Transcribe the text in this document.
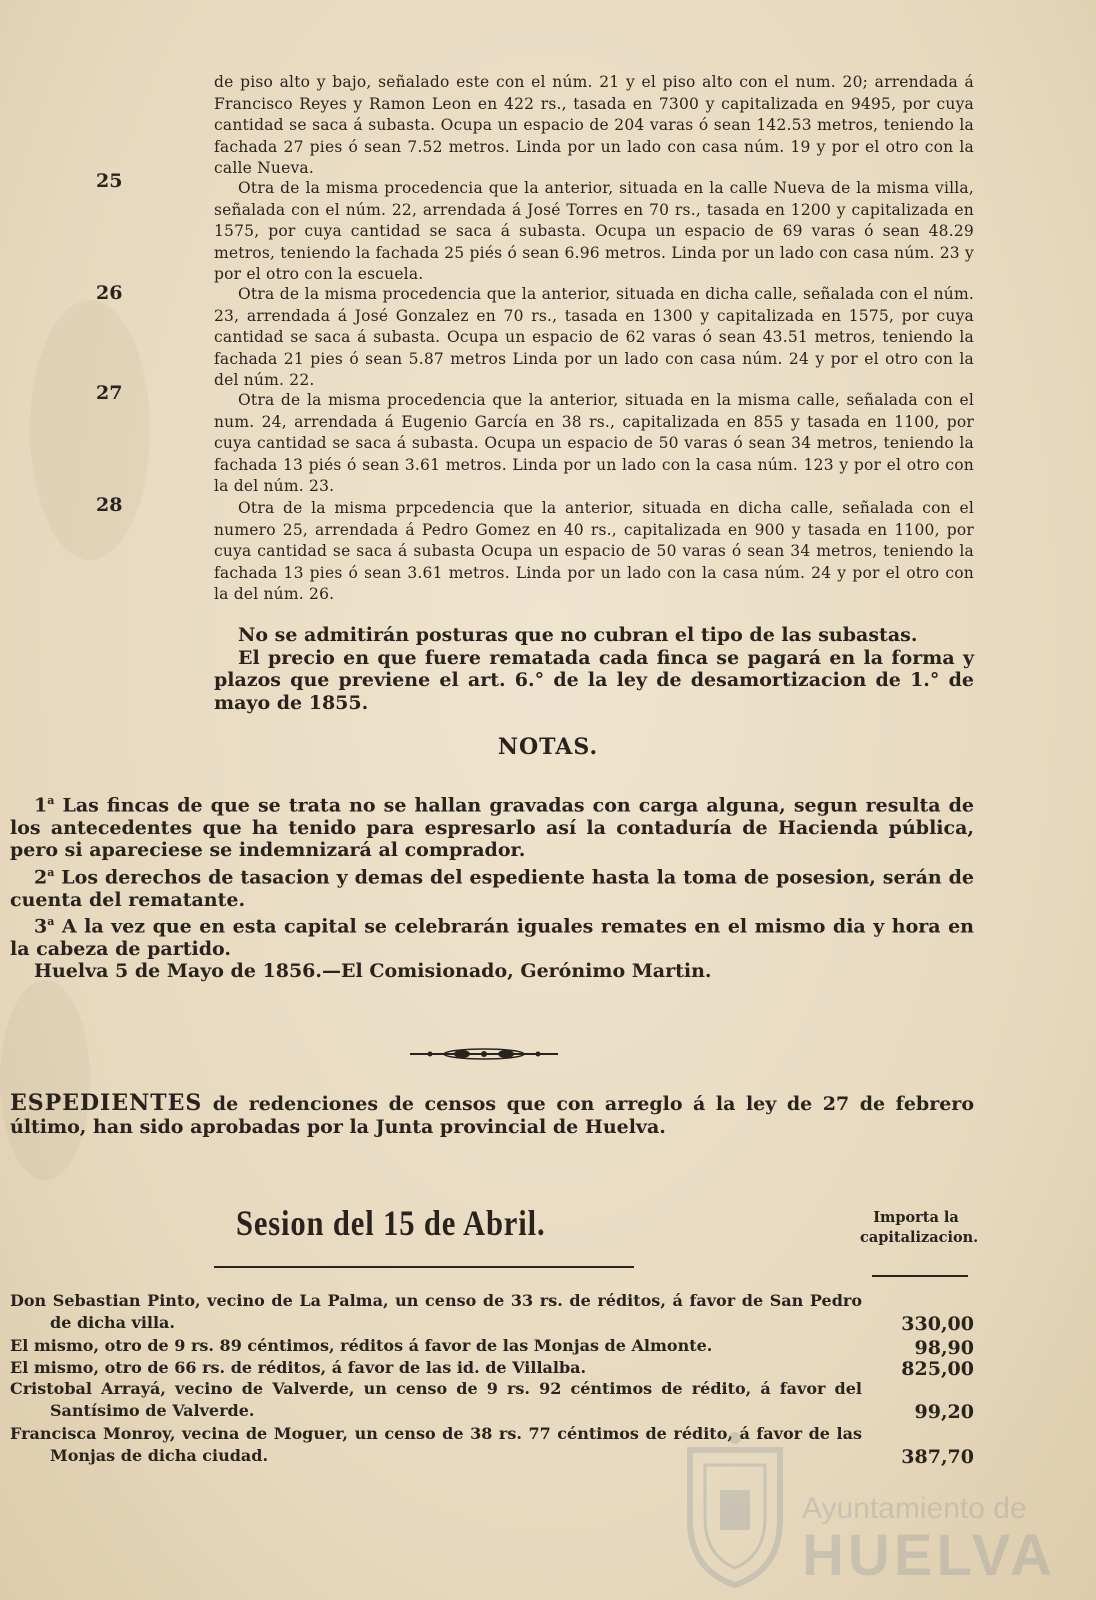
de piso alto y bajo, señalado este con el núm. 21 y el piso alto con el num. 20; arrendada á Francisco Reyes y Ramon Leon en 422 rs., tasada en 7300 y capitalizada en 9495, por cuya cantidad se saca á subasta. Ocupa un espacio de 204 varas ó sean 142.53 metros, teniendo la fachada 27 pies ó sean 7.52 metros. Linda por un lado con casa núm. 19 y por el otro con la calle Nueva.

25	Otra de la misma procedencia que la anterior, situada en la calle Nueva de la misma villa, señalada con el núm. 22, arrendada á José Torres en 70 rs., tasada en 1200 y capitalizada en 1575, por cuya cantidad se saca á subasta. Ocupa un espacio de 69 varas ó sean 48.29 metros, teniendo la fachada 25 piés ó sean 6.96 metros. Linda por un lado con casa núm. 23 y por el otro con la escuela.

26	Otra de la misma procedencia que la anterior, situada en dicha calle, señalada con el núm. 23, arrendada á José Gonzalez en 70 rs., tasada en 1300 y capitalizada en 1575, por cuya cantidad se saca á subasta. Ocupa un espacio de 62 varas ó sean 43.51 metros, teniendo la fachada 21 pies ó sean 5.87 metros Linda por un lado con casa núm. 24 y por el otro con la del núm. 22.

27	Otra de la misma procedencia que la anterior, situada en la misma calle, señalada con el num. 24, arrendada á Eugenio García en 38 rs., capitalizada en 855 y tasada en 1100, por cuya cantidad se saca á subasta. Ocupa un espacio de 50 varas ó sean 34 metros, teniendo la fachada 13 piés ó sean 3.61 metros. Linda por un lado con la casa núm. 123 y por el otro con la del núm. 23.

28	Otra de la misma prpcedencia que la anterior, situada en dicha calle, señalada con el numero 25, arrendada á Pedro Gomez en 40 rs., capitalizada en 900 y tasada en 1100, por cuya cantidad se saca á subasta Ocupa un espacio de 50 varas ó sean 34 metros, teniendo la fachada 13 pies ó sean 3.61 metros. Linda por un lado con la casa núm. 24 y por el otro con la del núm. 26.

No se admitirán posturas que no cubran el tipo de las subastas.

El precio en que fuere rematada cada finca se pagará en la forma y plazos que previene el art. 6.° de la ley de desamortizacion de 1.° de mayo de 1855.

NOTAS.

1$^a$ Las fincas de que se trata no se hallan gravadas con carga alguna, segun resulta de los antecedentes que ha tenido para espresarlo así la contaduría de Hacienda pública, pero si apareciese se indemnizará al comprador.

2$^a$ Los derechos de tasacion y demas del espediente hasta la toma de posesion, serán de cuenta del rematante.

3$^a$ A la vez que en esta capital se celebrarán iguales remates en el mismo dia y hora en la cabeza de partido.

Huelva 5 de Mayo de 1856.—El Comisionado, Gerónimo Martin.

ESPEDIENTES de redenciones de censos que con arreglo á la ley de 27 de febrero último, han sido aprobadas por la Junta provincial de Huelva.

Sesion del 15 de Abril.	Importa la capitalizacion.
Don Sebastian Pinto, vecino de La Palma, un censo de 33 rs. de réditos, á favor de San Pedro de dicha villa.	330,00
El mismo, otro de 9 rs. 89 céntimos, réditos á favor de las Monjas de Almonte.	98,90
El mismo, otro de 66 rs. de réditos, á favor de las id. de Villalba.	825,00
Cristobal Arrayá, vecino de Valverde, un censo de 9 rs. 92 céntimos de rédito, á favor del Santísimo de Valverde.	99,20
Francisca Monroy, vecina de Moguer, un censo de 38 rs. 77 céntimos de rédito, á favor de las Monjas de dicha ciudad.	387,70
Ayuntamiento de
HUELVA
